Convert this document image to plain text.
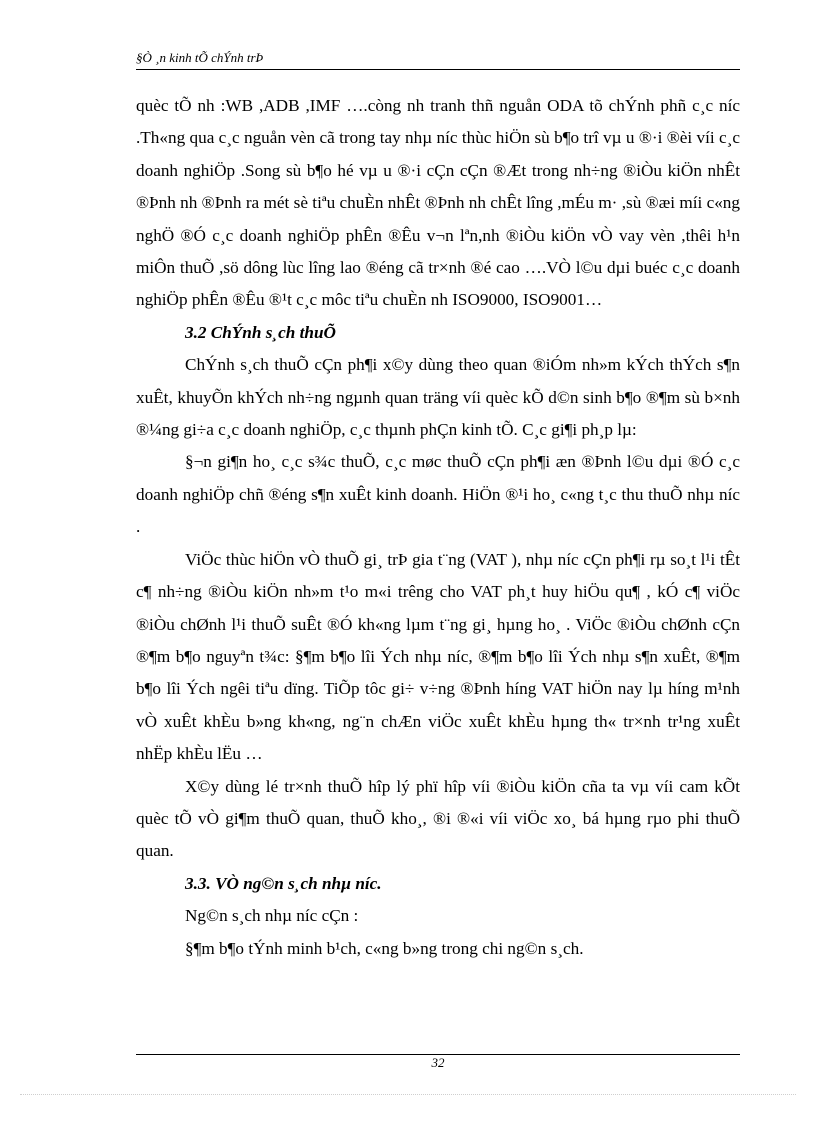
§Ò ¸n kinh tÕ chÝnh trÞ

quèc tÕ nh :WB ,ADB ,IMF ….còng nh tranh thñ nguån ODA tõ chÝnh phñ c¸c níc .Th«ng qua c¸c nguån vèn cã trong tay nhµ níc thùc hiÖn sù b¶o trî vµ u ®·i ®èi víi c¸c doanh nghiÖp .Song sù b¶o hé vµ u ®·i cÇn cÇn ®Æt trong nh÷ng ®iÒu kiÖn nhÊt ®Þnh nh ®Þnh ra mét sè tiªu chuÈn nhÊt ®Þnh nh chÊt lîng ,mÉu m· ,sù ®æi míi c«ng nghÖ ®Ó c¸c doanh nghiÖp phÊn ®Êu v¬n lªn,nh ®iÒu kiÖn vÒ vay vèn ,thêi h¹n miÔn thuÕ ,sö dông lùc lîng lao ®éng cã tr×nh ®é cao ….VÒ l©u dµi buéc c¸c doanh nghiÖp phÊn ®Êu ®¹t c¸c môc tiªu chuÈn nh ISO9000, ISO9001…

3.2 ChÝnh s¸ch thuÕ

ChÝnh s¸ch thuÕ cÇn ph¶i x©y dùng theo quan ®iÓm nh»m kÝch thÝch s¶n xuÊt, khuyÕn khÝch nh÷ng ngµnh quan träng víi quèc kÕ d©n sinh b¶o ®¶m sù b×nh ®¼ng gi÷a c¸c doanh nghiÖp, c¸c thµnh phÇn kinh tÕ. C¸c gi¶i ph¸p lµ:

§¬n gi¶n ho¸ c¸c s¾c thuÕ, c¸c møc thuÕ cÇn ph¶i æn ®Þnh l©u dµi ®Ó c¸c doanh nghiÖp chñ ®éng s¶n xuÊt kinh doanh. HiÖn ®¹i ho¸ c«ng t¸c thu thuÕ nhµ níc .

ViÖc thùc hiÖn vÒ thuÕ gi¸ trÞ gia t¨ng (VAT ), nhµ níc cÇn ph¶i rµ so¸t l¹i tÊt c¶ nh÷ng ®iÒu kiÖn nh»m t¹o m«i trêng cho VAT ph¸t huy hiÖu qu¶ , kÓ c¶ viÖc ®iÒu chØnh l¹i thuÕ suÊt ®Ó kh«ng lµm t¨ng gi¸ hµng ho¸ . ViÖc ®iÒu chØnh cÇn ®¶m b¶o nguyªn t¾c: §¶m b¶o lîi Ých nhµ níc, ®¶m b¶o lîi Ých nhµ s¶n xuÊt, ®¶m b¶o lîi Ých ngêi tiªu dïng. TiÕp tôc gi÷ v÷ng ®Þnh híng VAT hiÖn nay lµ híng m¹nh vÒ xuÊt khÈu b»ng kh«ng, ng¨n chÆn viÖc xuÊt khÈu hµng th« tr×nh tr¹ng xuÊt nhËp khÈu lËu …

X©y dùng lé tr×nh thuÕ hîp lý phï hîp víi ®iÒu kiÖn cña ta vµ víi cam kÕt quèc tÕ vÒ gi¶m thuÕ quan, thuÕ kho¸, ®i ®«i víi viÖc xo¸ bá hµng rµo phi thuÕ quan.

3.3. VÒ ng©n s¸ch nhµ níc.

Ng©n s¸ch nhµ níc cÇn :

§¶m b¶o tÝnh minh b¹ch, c«ng b»ng trong chi ng©n s¸ch.

32
